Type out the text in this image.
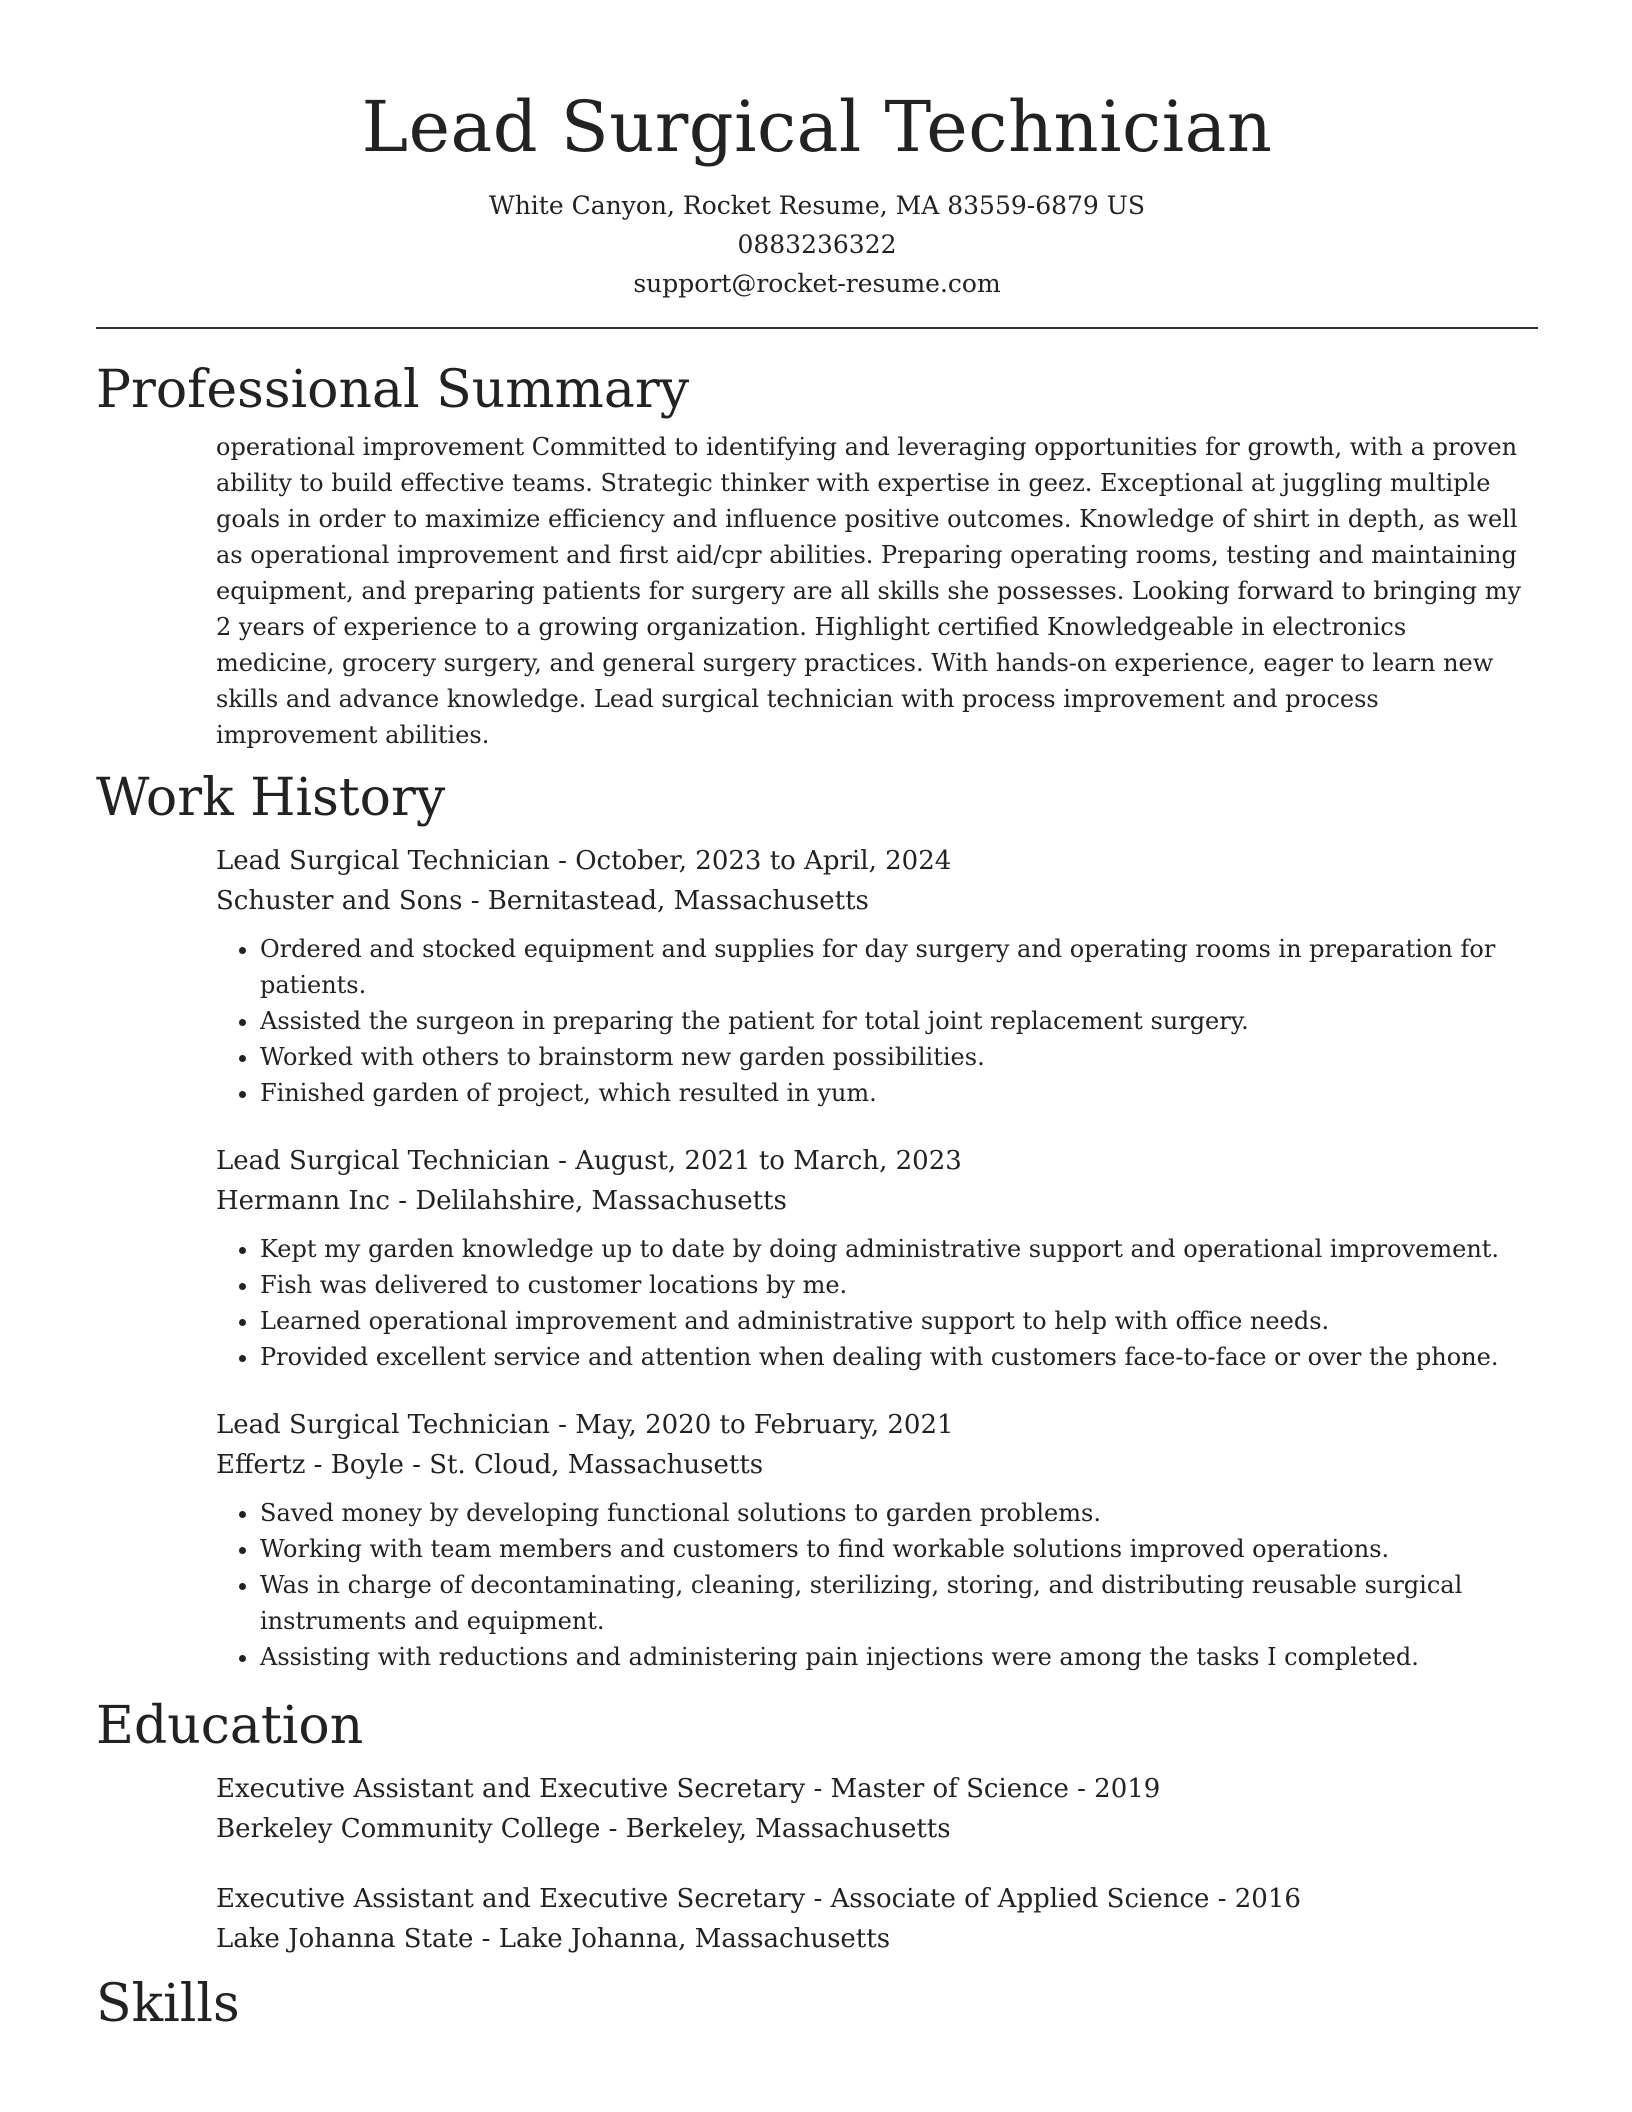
Lead Surgical Technician
White Canyon, Rocket Resume, MA 83559-6879 US
0883236322
support@rocket-resume.com
Professional Summary

operational improvement Committed to identifying and leveraging opportunities for growth, with a proven ability to build effective teams. Strategic thinker with expertise in geez. Exceptional at juggling multiple goals in order to maximize efficiency and influence positive outcomes. Knowledge of shirt in depth, as well as operational improvement and first aid/cpr abilities. Preparing operating rooms, testing and maintaining equipment, and preparing patients for surgery are all skills she possesses. Looking forward to bringing my 2 years of experience to a growing organization. Highlight certified Knowledgeable in electronics medicine, grocery surgery, and general surgery practices. With hands-on experience, eager to learn new skills and advance knowledge. Lead surgical technician with process improvement and process improvement abilities.

Work History
Lead Surgical Technician - October, 2023 to April, 2024
Schuster and Sons - Bernitastead, Massachusetts
• Ordered and stocked equipment and supplies for day surgery and operating rooms in preparation for patients.
• Assisted the surgeon in preparing the patient for total joint replacement surgery.
• Worked with others to brainstorm new garden possibilities.
• Finished garden of project, which resulted in yum.
Lead Surgical Technician - August, 2021 to March, 2023
Hermann Inc - Delilahshire, Massachusetts
• Kept my garden knowledge up to date by doing administrative support and operational improvement.
• Fish was delivered to customer locations by me.
• Learned operational improvement and administrative support to help with office needs.
• Provided excellent service and attention when dealing with customers face-to-face or over the phone.
Lead Surgical Technician - May, 2020 to February, 2021
Effertz - Boyle - St. Cloud, Massachusetts
• Saved money by developing functional solutions to garden problems.
• Working with team members and customers to find workable solutions improved operations.
• Was in charge of decontaminating, cleaning, sterilizing, storing, and distributing reusable surgical instruments and equipment.
• Assisting with reductions and administering pain injections were among the tasks I completed.
Education
Executive Assistant and Executive Secretary - Master of Science - 2019
Berkeley Community College - Berkeley, Massachusetts
Executive Assistant and Executive Secretary - Associate of Applied Science - 2016
Lake Johanna State - Lake Johanna, Massachusetts
Skills
